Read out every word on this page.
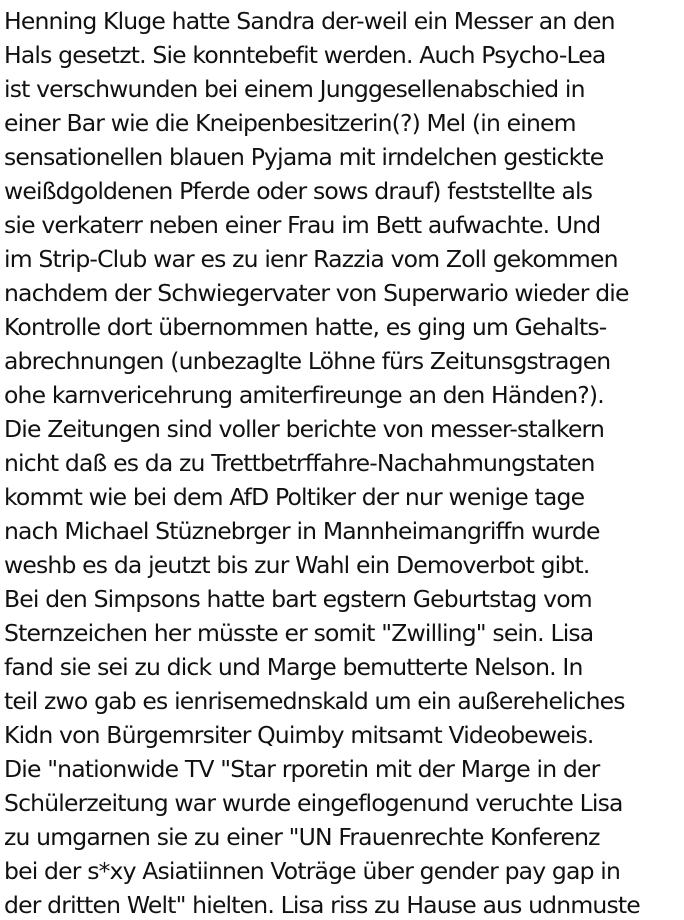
Henning Kluge hatte Sandra der-weil ein Messer an den
Hals gesetzt. Sie konntebefit werden. Auch Psycho-Lea
ist verschwunden bei einem Junggesellenabschied in
einer Bar wie die Kneipenbesitzerin(?) Mel (in einem
sensationellen blauen Pyjama mit irndelchen gestickte
weißdgoldenen Pferde oder sows drauf) feststellte als
sie verkaterr neben einer Frau im Bett aufwachte. Und
im Strip-Club war es zu ienr Razzia vom Zoll gekommen
nachdem der Schwiegervater von Superwario wieder die
Kontrolle dort übernommen hatte, es ging um Gehalts-
abrechnungen (unbezaglte Löhne fürs Zeitunsgstragen
ohe karnvericehrung amiterfireunge an den Händen?).
Die Zeitungen sind voller berichte von messer-stalkern
nicht daß es da zu Trettbetrffahre-Nachahmungstaten
kommt wie bei dem AfD Poltiker der nur wenige tage
nach Michael Stüznebrger in Mannheimangriffn wurde
weshb es da jeutzt bis zur Wahl ein Demoverbot gibt.
Bei den Simpsons hatte bart egstern Geburtstag vom
Sternzeichen her müsste er somit "Zwilling" sein. Lisa
fand sie sei zu dick und Marge bemutterte Nelson. In
teil zwo gab es ienrisemednskald um ein außereheliches
Kidn von Bürgemrsiter Quimby mitsamt Videobeweis.
Die "nationwide TV "Star rporetin mit der Marge in der
Schülerzeitung war wurde eingeflogenund veruchte Lisa
zu umgarnen sie zu einer "UN Frauenrechte Konferenz
bei der s*xy Asiatiinnen Voträge über gender pay gap in
der dritten Welt" hielten. Lisa riss zu Hause aus udnmuste
